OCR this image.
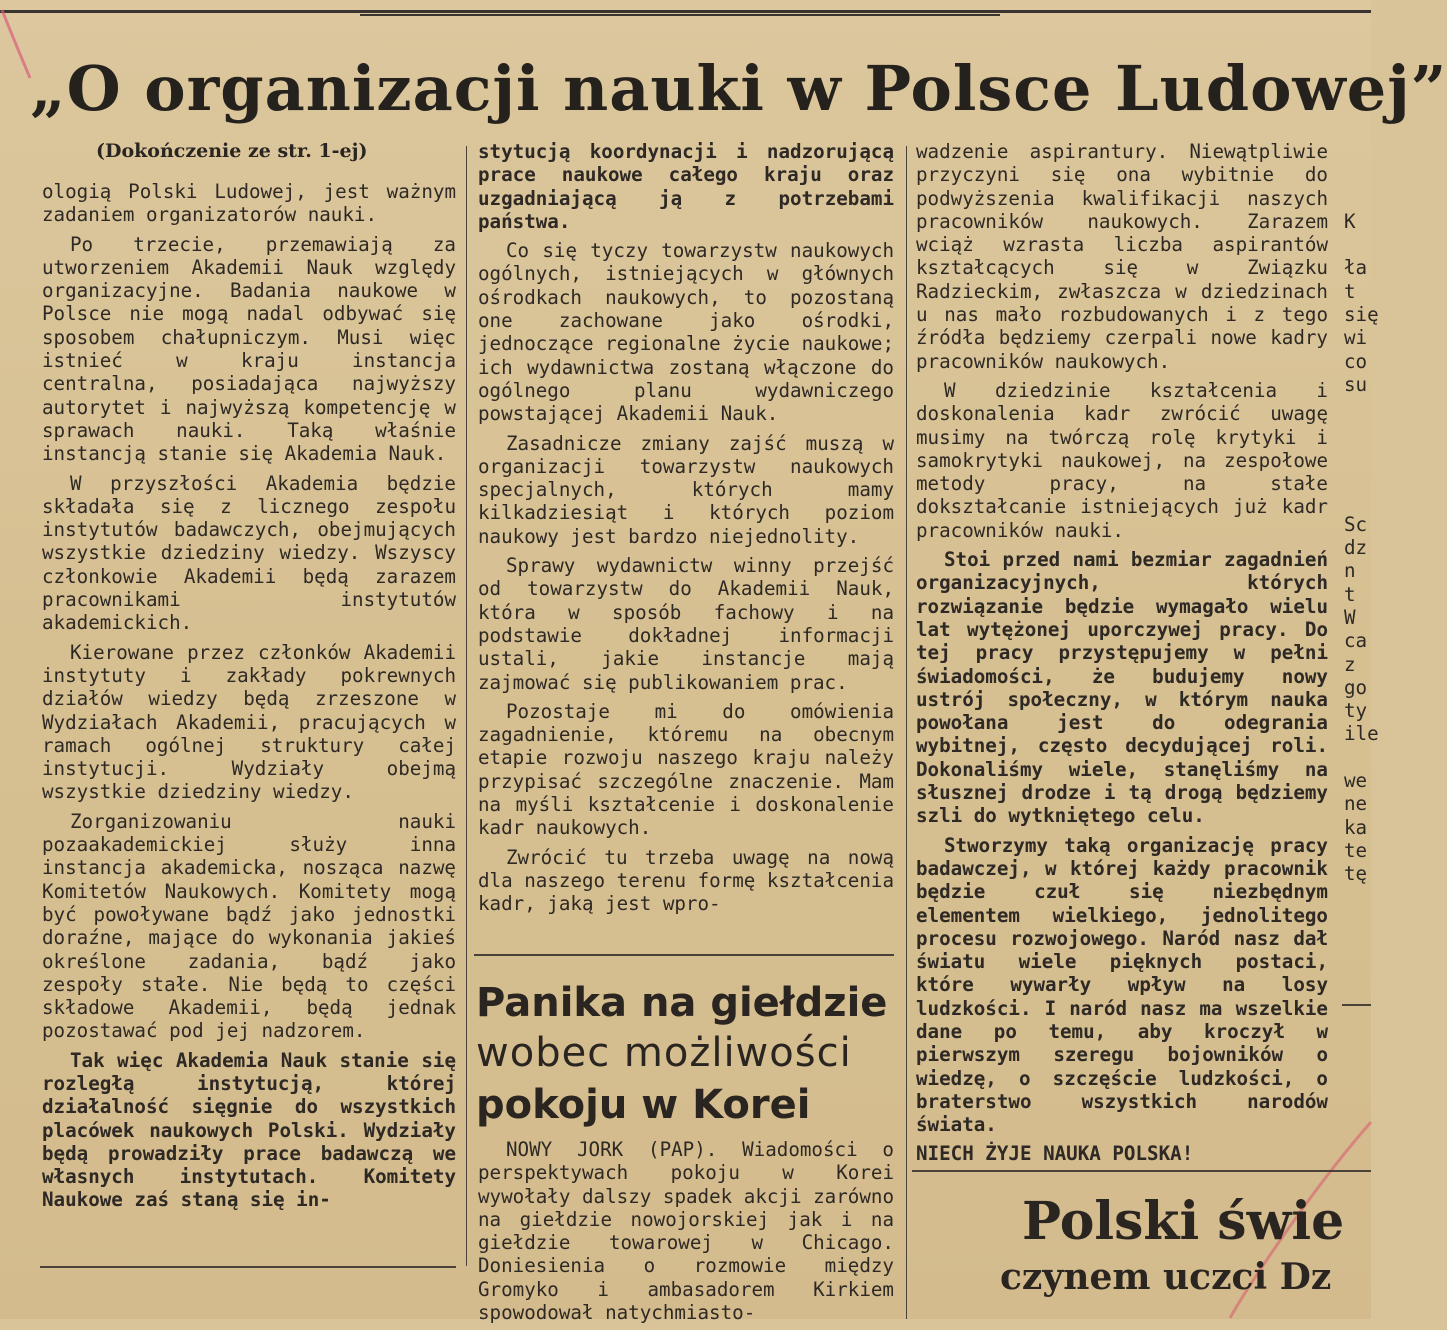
„O organizacji nauki w Polsce Ludowej”
(Dokończenie ze str. 1-ej)

ologią Polski Ludowej, jest ważnym zadaniem organizatorów nauki.

Po trzecie, przemawiają za utworzeniem Akademii Nauk względy organizacyjne. Badania naukowe w Polsce nie mogą nadal odbywać się sposobem chałupniczym. Musi więc istnieć w kraju instancja centralna, posiadająca najwyższy autorytet i najwyższą kompetencję w sprawach nauki. Taką właśnie instancją stanie się Akademia Nauk.

W przyszłości Akademia będzie składała się z licznego zespołu instytutów badawczych, obejmujących wszystkie dziedziny wiedzy. Wszyscy członkowie Akademii będą zarazem pracownikami instytutów akademickich.

Kierowane przez członków Akademii instytuty i zakłady pokrewnych działów wiedzy będą zrzeszone w Wydziałach Akademii, pracujących w ramach ogólnej struktury całej instytucji. Wydziały obejmą wszystkie dziedziny wiedzy.

Zorganizowaniu nauki pozaakademickiej służy inna instancja akademicka, nosząca nazwę Komitetów Naukowych. Komitety mogą być powoływane bądź jako jednostki doraźne, mające do wykonania jakieś określone zadania, bądź jako zespoły stałe. Nie będą to części składowe Akademii, będą jednak pozostawać pod jej nadzorem.

Tak więc Akademia Nauk stanie się rozległą instytucją, której działalność sięgnie do wszystkich placówek naukowych Polski. Wydziały będą prowadziły prace badawczą we własnych instytutach. Komitety Naukowe zaś staną się in-

stytucją koordynacji i nadzorującą prace naukowe całego kraju oraz uzgadniającą ją z potrzebami państwa.

Co się tyczy towarzystw naukowych ogólnych, istniejących w głównych ośrodkach naukowych, to pozostaną one zachowane jako ośrodki, jednoczące regionalne życie naukowe; ich wydawnictwa zostaną włączone do ogólnego planu wydawniczego powstającej Akademii Nauk.

Zasadnicze zmiany zajść muszą w organizacji towarzystw naukowych specjalnych, których mamy kilkadziesiąt i których poziom naukowy jest bardzo niejednolity.

Sprawy wydawnictw winny przejść od towarzystw do Akademii Nauk, która w sposób fachowy i na podstawie dokładnej informacji ustali, jakie instancje mają zajmować się publikowaniem prac.

Pozostaje mi do omówienia zagadnienie, któremu na obecnym etapie rozwoju naszego kraju należy przypisać szczególne znaczenie. Mam na myśli kształcenie i doskonalenie kadr naukowych.

Zwrócić tu trzeba uwagę na nową dla naszego terenu formę kształcenia kadr, jaką jest wpro-

wadzenie aspirantury. Niewątpliwie przyczyni się ona wybitnie do podwyższenia kwalifikacji naszych pracowników naukowych. Zarazem wciąż wzrasta liczba aspirantów kształcących się w Związku Radzieckim, zwłaszcza w dziedzinach u nas mało rozbudowanych i z tego źródła będziemy czerpali nowe kadry pracowników naukowych.

W dziedzinie kształcenia i doskonalenia kadr zwrócić uwagę musimy na twórczą rolę krytyki i samokrytyki naukowej, na zespołowe metody pracy, na stałe dokształcanie istniejących już kadr pracowników nauki.

Stoi przed nami bezmiar zagadnień organizacyjnych, których rozwiązanie będzie wymagało wielu lat wytężonej uporczywej pracy. Do tej pracy przystępujemy w pełni świadomości, że budujemy nowy ustrój społeczny, w którym nauka powołana jest do odegrania wybitnej, często decydującej roli. Dokonaliśmy wiele, stanęliśmy na słusznej drodze i tą drogą będziemy szli do wytkniętego celu.

Stworzymy taką organizację pracy badawczej, w której każdy pracownik będzie czuł się niezbędnym elementem wielkiego, jednolitego procesu rozwojowego. Naród nasz dał światu wiele pięknych postaci, które wywarły wpływ na losy ludzkości. I naród nasz ma wszelkie dane po temu, aby kroczył w pierwszym szeregu bojowników o wiedzę, o szczęście ludzkości, o braterstwo wszystkich narodów świata.

NIECH ŻYJE NAUKA POLSKA!

K
ła
t
się
wi
co
su
Sc
dz
n
t
W
ca
z
go
ty
ile
we
ne
ka
te
tę
Panika na giełdzie
wobec możliwości
pokoju w Korei

NOWY JORK (PAP). Wiadomości o perspektywach pokoju w Korei wywołały dalszy spadek akcji zarówno na giełdzie nowojorskiej jak i na giełdzie towarowej w Chicago. Doniesienia o rozmowie między Gromyko i ambasadorem Kirkiem spowodował natychmiasto-

Polski świe
czynem uczci Dz
